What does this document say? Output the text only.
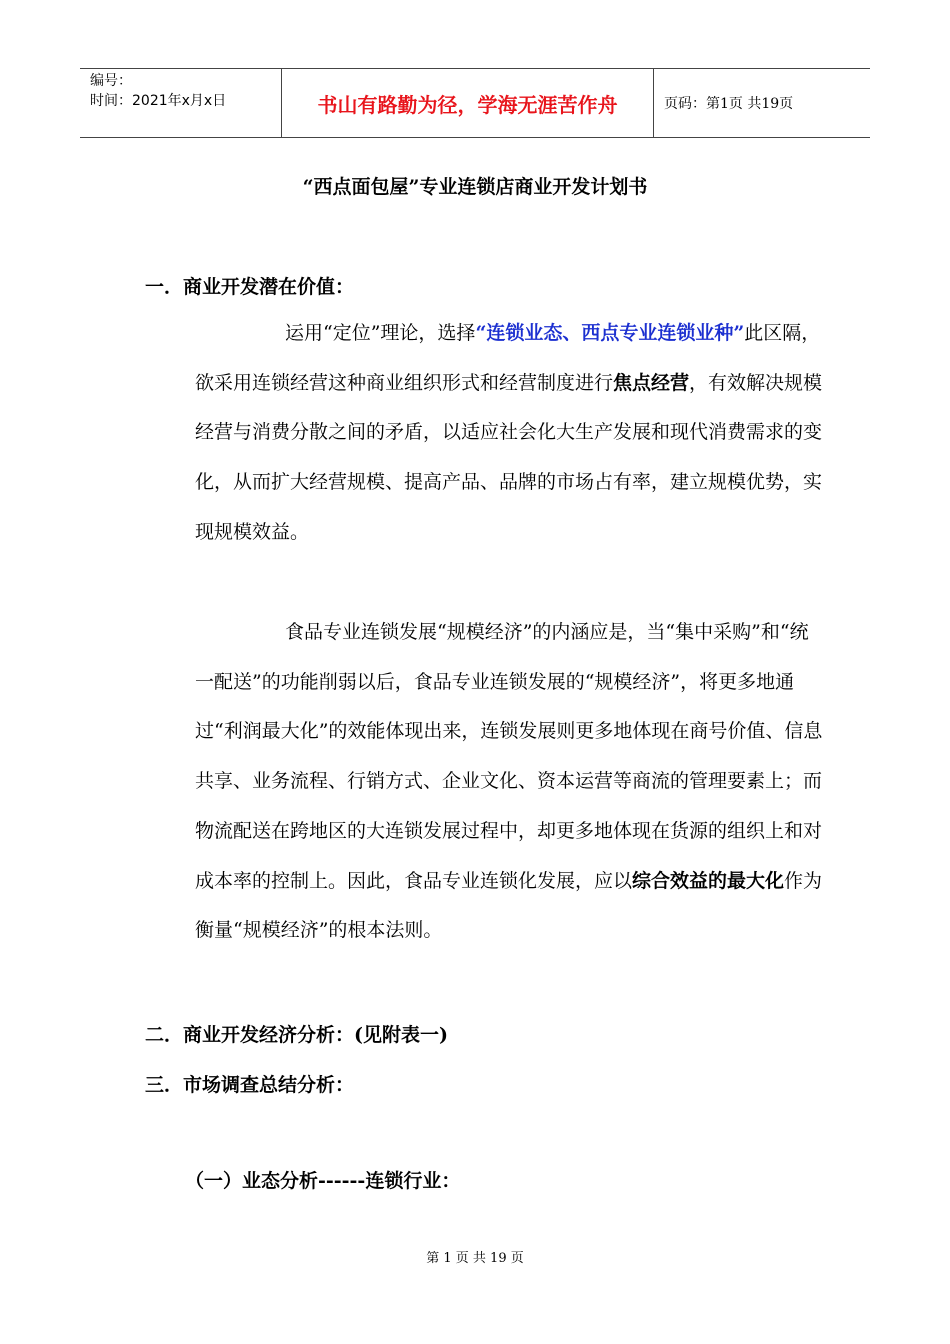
编号：
时间：2021年x月x日	书山有路勤为径，学海无涯苦作舟	页码：第1页 共19页
“西点面包屋”专业连锁店商业开发计划书
一．商业开发潜在价值：
运用“定位”理论，选择“连锁业态、西点专业连锁业种”此区隔，欲采用连锁经营这种商业组织形式和经营制度进行焦点经营，有效解决规模经营与消费分散之间的矛盾，以适应社会化大生产发展和现代消费需求的变化，从而扩大经营规模、提高产品、品牌的市场占有率，建立规模优势，实现规模效益。
食品专业连锁发展“规模经济”的内涵应是，当“集中采购”和“统一配送”的功能削弱以后，食品专业连锁发展的“规模经济”，将更多地通过“利润最大化”的效能体现出来，连锁发展则更多地体现在商号价值、信息共享、业务流程、行销方式、企业文化、资本运营等商流的管理要素上；而物流配送在跨地区的大连锁发展过程中，却更多地体现在货源的组织上和对成本率的控制上。因此，食品专业连锁化发展，应以综合效益的最大化作为衡量“规模经济”的根本法则。
二．商业开发经济分析：(见附表一)
三．市场调查总结分析：
（一）业态分析------连锁行业：
第 1 页 共 19 页
